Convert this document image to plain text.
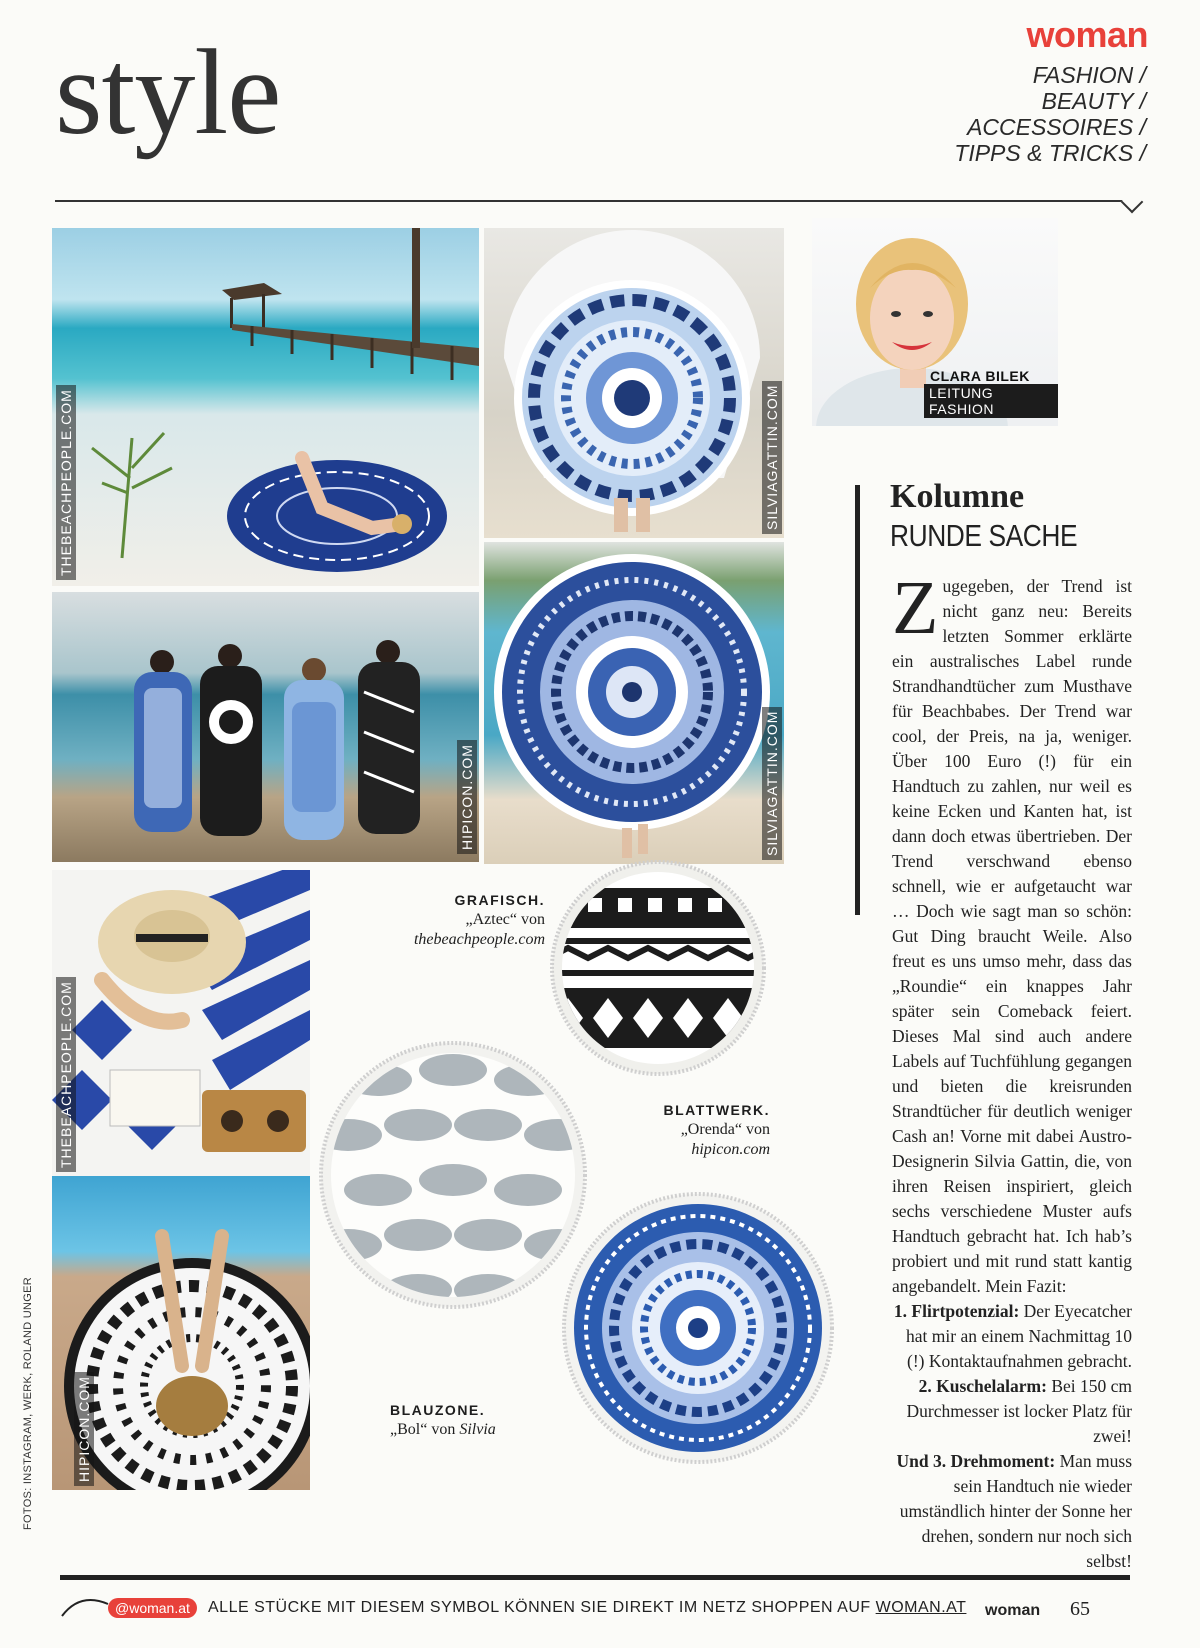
style	woman
FASHION /
BEAUTY /
ACCESSOIRES /
TIPPS & TRICKS /
THEBEACHPEOPLE.COM	SILVIAGATTIN.COM
HIPICON.COM	SILVIAGATTIN.COM
THEBEACHPEOPLE.COM
HIPICON.COM
GRAFISCH.
„Aztec“ von
thebeachpeople.com
BLATTWERK.
„Orenda“ von
hipicon.com
BLAUZONE.
„Bol“ von Silvia
CLARA BILEK
LEITUNG FASHION
Kolumne
RUNDE SACHE
Zugegeben, der Trend ist nicht ganz neu: Bereits letzten Sommer erklärte ein australisches Label runde Strandhandtücher zum Musthave für Beachbabes. Der Trend war cool, der Preis, na ja, weniger. Über 100 Euro (!) für ein Handtuch zu zahlen, nur weil es keine Ecken und Kanten hat, ist dann doch etwas übertrieben. Der Trend verschwand ebenso schnell, wie er aufgetaucht war … Doch wie sagt man so schön: Gut Ding braucht Weile. Also freut es uns umso mehr, dass das „Roundie“ ein knappes Jahr später sein Comeback feiert. Dieses Mal sind auch andere Labels auf Tuchfühlung gegangen und bieten die kreisrunden Strandtücher für deutlich weniger Cash an! Vorne mit dabei Austro-Designerin Silvia Gattin, die, von ihren Reisen inspiriert, gleich sechs verschiedene Muster aufs Handtuch gebracht hat. Ich hab’s probiert und mit rund statt kantig angebandelt. Mein Fazit:
1. Flirtpotenzial: Der Eyecatcher hat mir an einem Nachmittag 10 (!) Kontaktaufnahmen gebracht.
2. Kuschelalarm: Bei 150 cm Durchmesser ist locker Platz für zwei!
Und 3. Drehmoment: Man muss sein Handtuch nie wieder umständlich hinter der Sonne her drehen, sondern nur noch sich selbst!
FOTOS: INSTAGRAM, WERK, ROLAND UNGER
@woman.at	ALLE STÜCKE MIT DIESEM SYMBOL KÖNNEN SIE DIREKT IM NETZ SHOPPEN AUF WOMAN.AT woman 65
